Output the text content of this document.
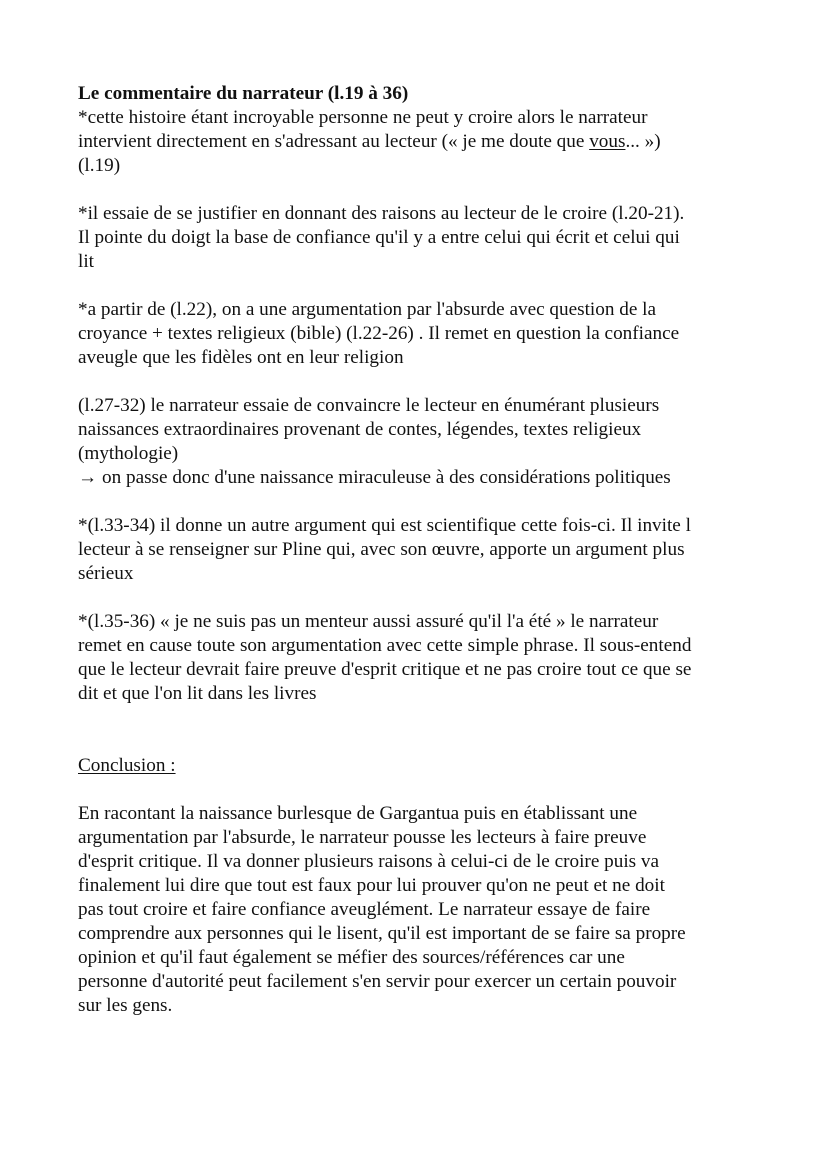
Le commentaire du narrateur (l.19 à 36)
*cette histoire étant incroyable personne ne peut y croire alors le narrateur
intervient directement en s'adressant au lecteur (« je me doute que vous... »)
(l.19)
*il essaie de se justifier en donnant des raisons au lecteur de le croire (l.20-21).
Il pointe du doigt la base de confiance qu'il y a entre celui qui écrit et celui qui
lit
*a partir de (l.22), on a une argumentation par l'absurde avec question de la
croyance + textes religieux (bible) (l.22-26) . Il remet en question la confiance
aveugle que les fidèles ont en leur religion
(l.27-32) le narrateur essaie de convaincre le lecteur en énumérant plusieurs
naissances extraordinaires provenant de contes, légendes, textes religieux
(mythologie)
→ on passe donc d'une naissance miraculeuse à des considérations politiques
*(l.33-34) il donne un autre argument qui est scientifique cette fois-ci. Il invite l
lecteur à se renseigner sur Pline qui, avec son œuvre, apporte un argument plus
sérieux
*(l.35-36) « je ne suis pas un menteur aussi assuré qu'il l'a été » le narrateur
remet en cause toute son argumentation avec cette simple phrase. Il sous-entend
que le lecteur devrait faire preuve d'esprit critique et ne pas croire tout ce que se
dit et que l'on lit dans les livres
Conclusion :
En racontant la naissance burlesque de Gargantua puis en établissant une
argumentation par l'absurde, le narrateur pousse les lecteurs à faire preuve
d'esprit critique. Il va donner plusieurs raisons à celui-ci de le croire puis va
finalement lui dire que tout est faux pour lui prouver qu'on ne peut et ne doit
pas tout croire et faire confiance aveuglément. Le narrateur essaye de faire
comprendre aux personnes qui le lisent, qu'il est important de se faire sa propre
opinion et qu'il faut également se méfier des sources/références car une
personne d'autorité peut facilement s'en servir pour exercer un certain pouvoir
sur les gens.
